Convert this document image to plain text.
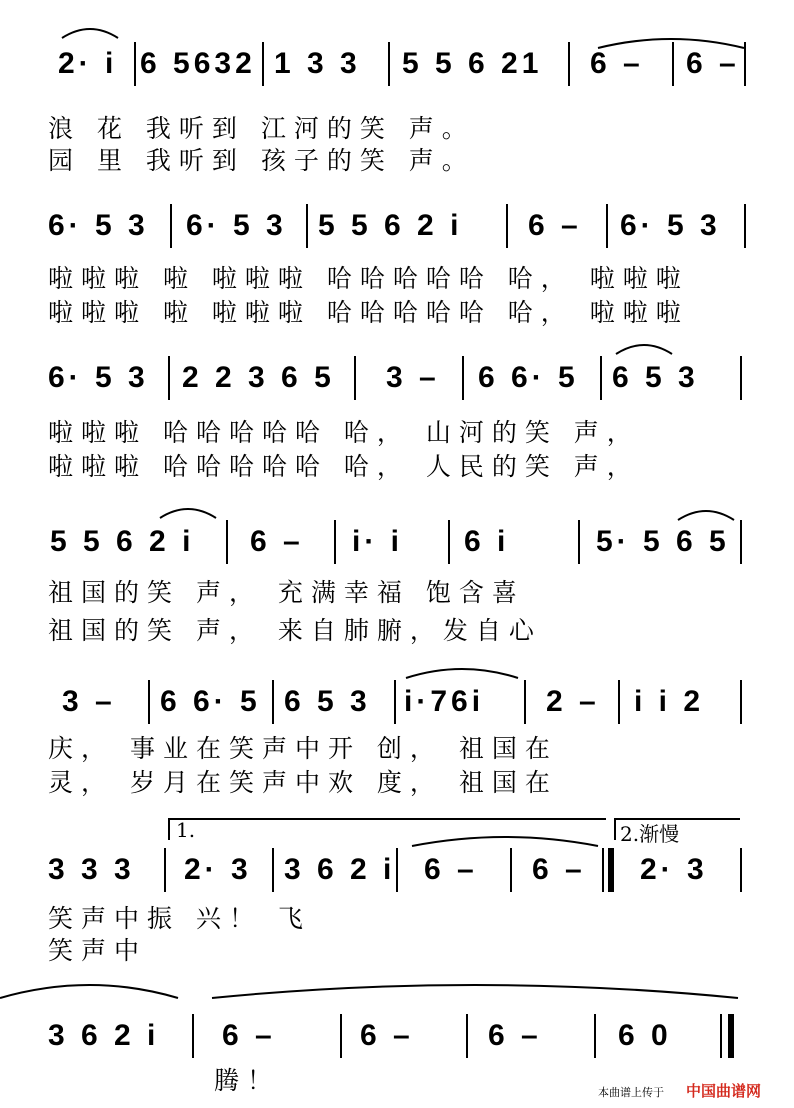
2· i 6 5632 1 3 3 5 5 6 21 6 – 6 –
浪 花 我听到 江河的笑 声。
园 里 我听到 孩子的笑 声。
6· 5 3 6· 5 3 5 5 6 2 i 6 – 6· 5 3
啦啦啦 啦 啦啦啦 哈哈哈哈哈 哈， 啦啦啦
啦啦啦 啦 啦啦啦 哈哈哈哈哈 哈， 啦啦啦
6· 5 3 2 2 3 6 5 3 – 6 6· 5 6 5 3
啦啦啦 哈哈哈哈哈 哈， 山河的笑 声，
啦啦啦 哈哈哈哈哈 哈， 人民的笑 声，
5 5 6 2 i 6 – i· i 6 i	5· 5 6 5
祖国的笑 声， 充满幸福 饱含喜
祖国的笑 声， 来自肺腑，发自心
3 – 6 6· 5 6 5 3 i·76i 2 – i i 2
庆， 事业在笑声中开 创， 祖国在
灵， 岁月在笑声中欢 度， 祖国在
1.	2.渐慢
3 3 3 2· 3 3 6 2 i 6 – 6 – 2· 3
笑声中振 兴！ 飞
笑声中
3 6 2 i 6 –	6 – 6 –	6 0
腾！	本曲谱上传于 中国曲谱网
